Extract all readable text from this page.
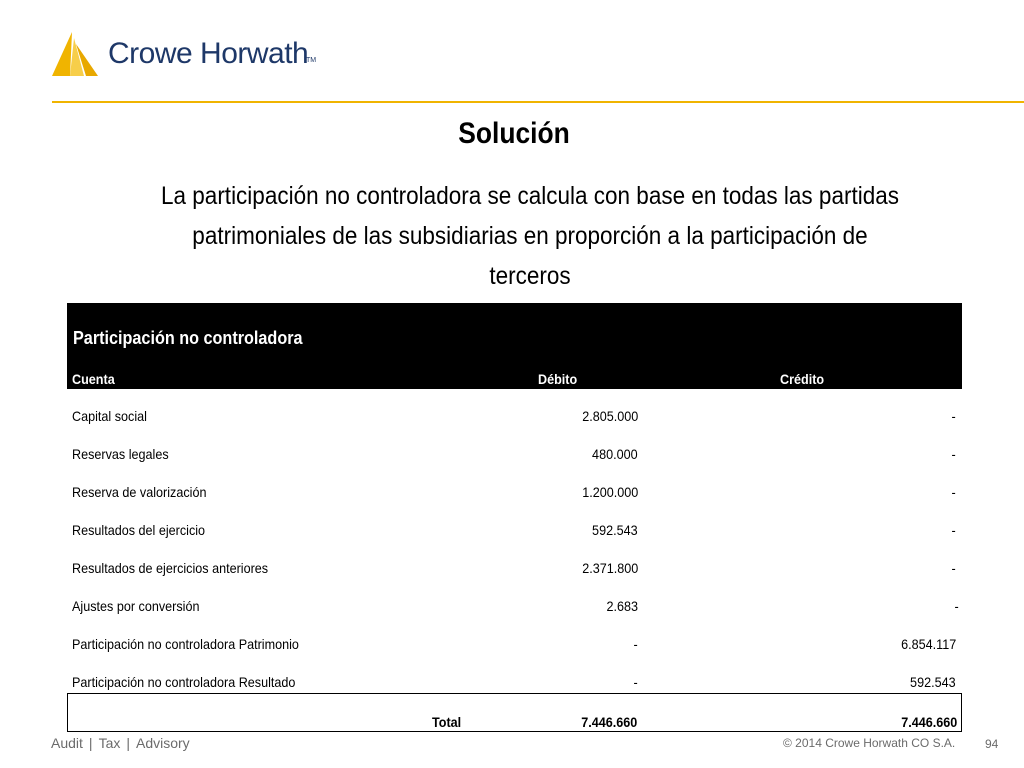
Crowe Horwath
TM
Solución
La participación no controladora se calcula con base en todas las partidas
patrimoniales de las subsidiarias en proporción a la participación de terceros
Participación no controladora
Cuenta	Débito	Crédito
Capital social	2.805.000	-
Reservas legales	480.000	-
Reserva de valorización	1.200.000	-
Resultados del ejercicio	592.543	-
Resultados de ejercicios anteriores	2.371.800	-
Ajustes por conversión	2.683	-
Participación no controladora Patrimonio	-	6.854.117
Participación no controladora Resultado	-	592.543
Total	7.446.660	7.446.660
Audit | Tax | Advisory	© 2014 Crowe Horwath CO S.A. 94
